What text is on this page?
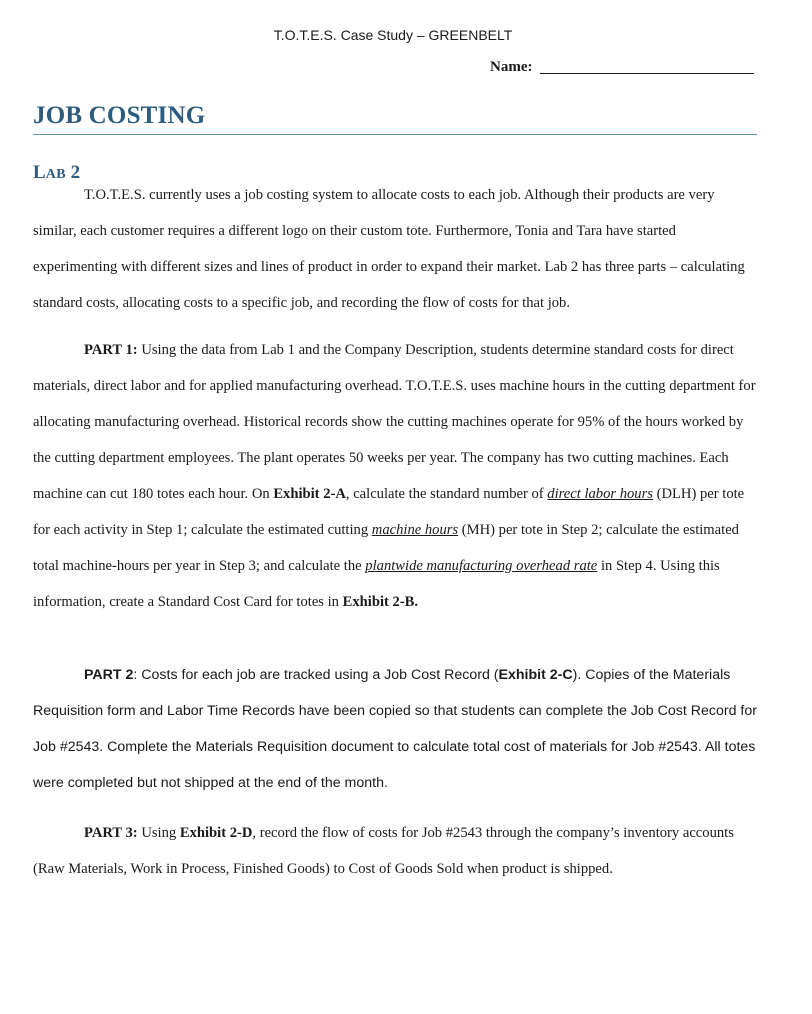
T.O.T.E.S. Case Study – GREENBELT
Name:
JOB COSTING
LAB 2

T.O.T.E.S. currently uses a job costing system to allocate costs to each job. Although their products are very similar, each customer requires a different logo on their custom tote. Furthermore, Tonia and Tara have started experimenting with different sizes and lines of product in order to expand their market. Lab 2 has three parts – calculating standard costs, allocating costs to a specific job, and recording the flow of costs for that job.

PART 1: Using the data from Lab 1 and the Company Description, students determine standard costs for direct materials, direct labor and for applied manufacturing overhead. T.O.T.E.S. uses machine hours in the cutting department for allocating manufacturing overhead. Historical records show the cutting machines operate for 95% of the hours worked by the cutting department employees. The plant operates 50 weeks per year. The company has two cutting machines. Each machine can cut 180 totes each hour. On Exhibit 2-A, calculate the standard number of direct labor hours (DLH) per tote for each activity in Step 1; calculate the estimated cutting machine hours (MH) per tote in Step 2; calculate the estimated total machine-hours per year in Step 3; and calculate the plantwide manufacturing overhead rate in Step 4. Using this information, create a Standard Cost Card for totes in Exhibit 2-B.

PART 2: Costs for each job are tracked using a Job Cost Record (Exhibit 2-C). Copies of the Materials Requisition form and Labor Time Records have been copied so that students can complete the Job Cost Record for Job #2543. Complete the Materials Requisition document to calculate total cost of materials for Job #2543. All totes were completed but not shipped at the end of the month.

PART 3: Using Exhibit 2-D, record the flow of costs for Job #2543 through the company’s inventory accounts (Raw Materials, Work in Process, Finished Goods) to Cost of Goods Sold when product is shipped.
